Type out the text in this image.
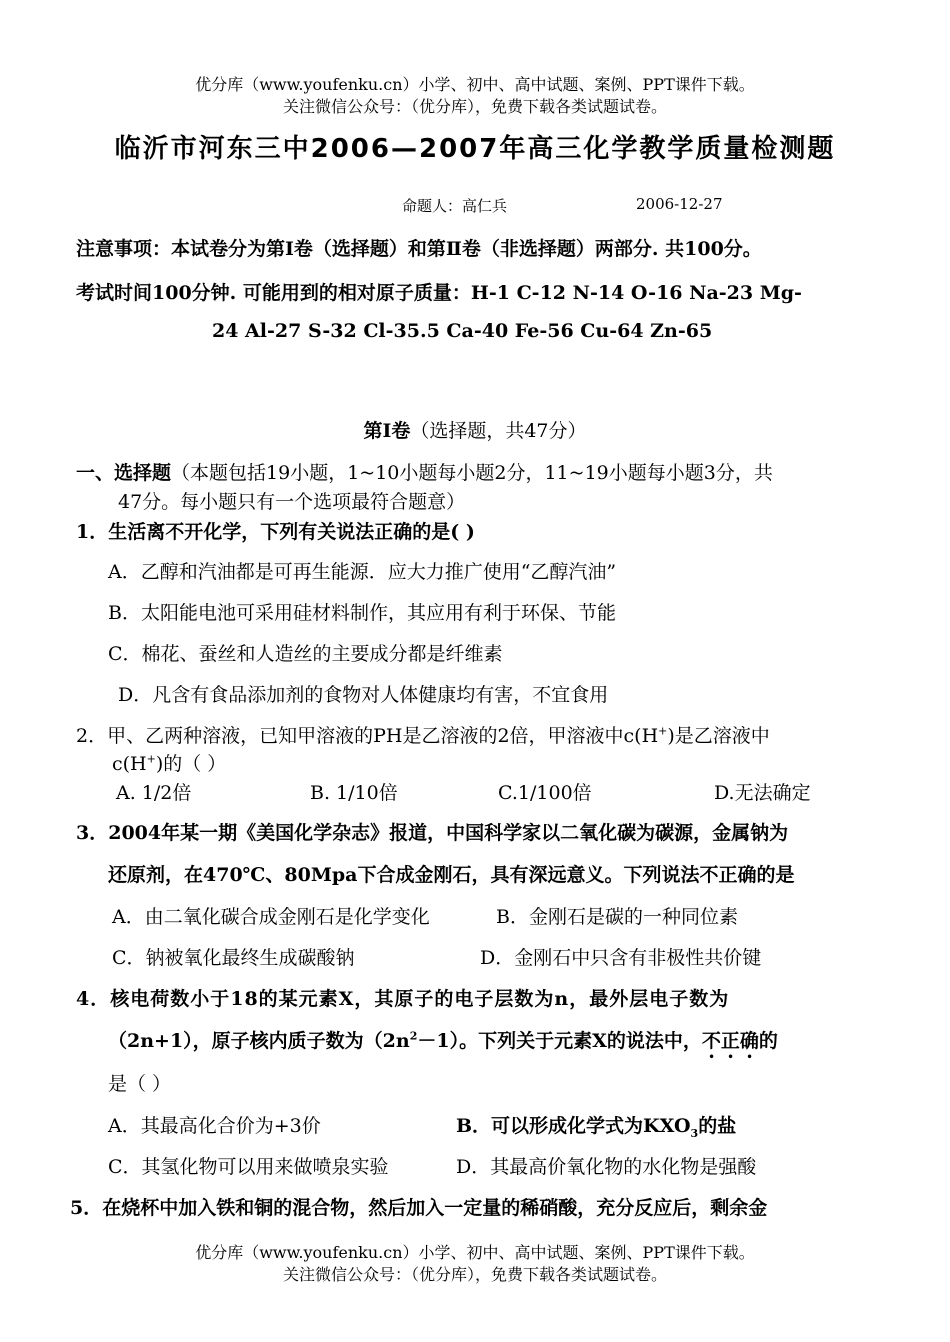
优分库（www.youfenku.cn）小学、初中、高中试题、案例、PPT课件下载。
关注微信公众号：（优分库），免费下载各类试题试卷。
临沂市河东三中2006—2007年高三化学教学质量检测题
命题人：高仁兵	2006-12-27
注意事项：本试卷分为第Ⅰ卷（选择题）和第Ⅱ卷（非选择题）两部分. 共100分。
考试时间100分钟. 可能用到的相对原子质量：H-1 C-12 N-14 O-16 Na-23 Mg-
24 Al-27 S-32 Cl-35.5 Ca-40 Fe-56 Cu-64 Zn-65
第Ⅰ卷（选择题，共47分）
一、选择题（本题包括19小题，1~10小题每小题2分，11~19小题每小题3分，共
47分。每小题只有一个选项最符合题意）
1．生活离不开化学，下列有关说法正确的是( )
A．乙醇和汽油都是可再生能源．应大力推广使用“乙醇汽油”
B．太阳能电池可采用硅材料制作，其应用有利于环保、节能
C．棉花、蚕丝和人造丝的主要成分都是纤维素
D．凡含有食品添加剂的食物对人体健康均有害，不宜食用
2．甲、乙两种溶液，已知甲溶液的PH是乙溶液的2倍，甲溶液中c(H+)是乙溶液中
c(H+)的（ ）
A. 1/2倍	B. 1/10倍	C.1/100倍	D.无法确定
3．2004年某一期《美国化学杂志》报道，中国科学家以二氧化碳为碳源，金属钠为
还原剂，在470℃、80Mpa下合成金刚石，具有深远意义。下列说法不正确的是
A．由二氧化碳合成金刚石是化学变化	B．金刚石是碳的一种同位素
C．钠被氧化最终生成碳酸钠	D．金刚石中只含有非极性共价键
4．核电荷数小于18的某元素X，其原子的电子层数为n，最外层电子数为
（2n+1），原子核内质子数为$(2n^2-1)$。下列关于元素X的说法中，不正确的
是（ ）
A．其最高化合价为+3价	B．可以形成化学式为$KXO_3$的盐
C．其氢化物可以用来做喷泉实验	D．其最高价氧化物的水化物是强酸
5．在烧杯中加入铁和铜的混合物，然后加入一定量的稀硝酸，充分反应后，剩余金
优分库（www.youfenku.cn）小学、初中、高中试题、案例、PPT课件下载。
关注微信公众号：（优分库），免费下载各类试题试卷。
